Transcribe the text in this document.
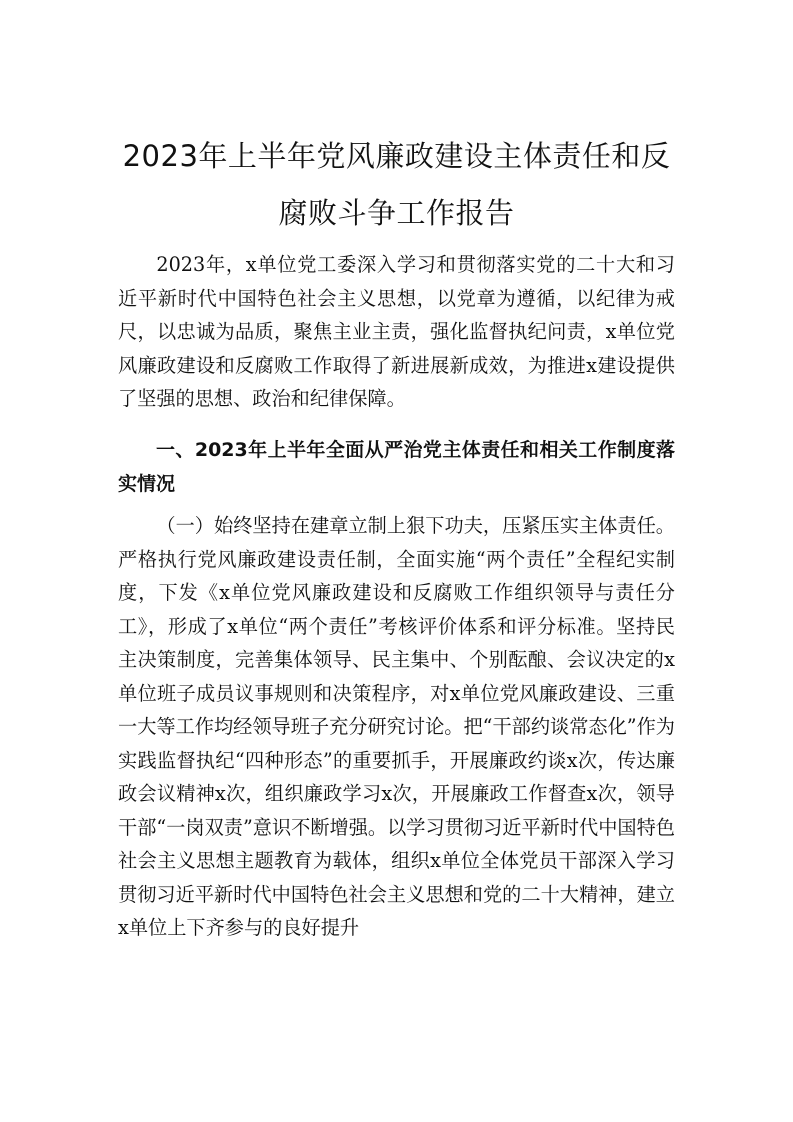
2023年上半年党风廉政建设主体责任和反
腐败斗争工作报告

2023年，x单位党工委深入学习和贯彻落实党的二十大和习近平新时代中国特色社会主义思想，以党章为遵循，以纪律为戒尺，以忠诚为品质，聚焦主业主责，强化监督执纪问责，x单位党风廉政建设和反腐败工作取得了新进展新成效，为推进x建设提供了坚强的思想、政治和纪律保障。

一、2023年上半年全面从严治党主体责任和相关工作制度落实情况

（一）始终坚持在建章立制上狠下功夫，压紧压实主体责任。严格执行党风廉政建设责任制，全面实施“两个责任”全程纪实制度，下发《x单位党风廉政建设和反腐败工作组织领导与责任分工》，形成了x单位“两个责任”考核评价体系和评分标准。坚持民主决策制度，完善集体领导、民主集中、个别酝酿、会议决定的x单位班子成员议事规则和决策程序，对x单位党风廉政建设、三重一大等工作均经领导班子充分研究讨论。把“干部约谈常态化”作为实践监督执纪“四种形态”的重要抓手，开展廉政约谈x次，传达廉政会议精神x次，组织廉政学习x次，开展廉政工作督查x次，领导干部“一岗双责”意识不断增强。以学习贯彻习近平新时代中国特色社会主义思想主题教育为载体，组织x单位全体党员干部深入学习贯彻习近平新时代中国特色社会主义思想和党的二十大精神，建立x单位上下齐参与的良好提升
